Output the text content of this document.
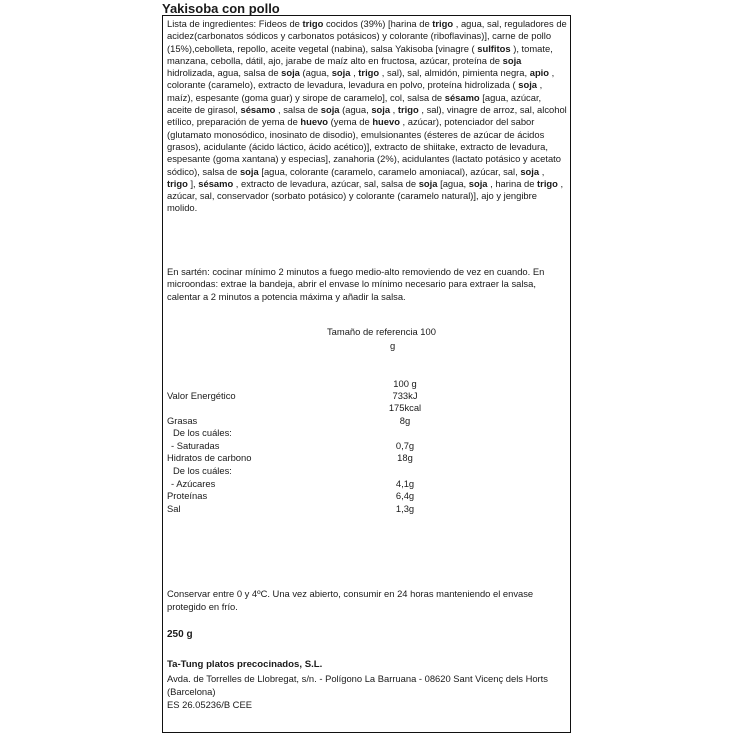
Yakisoba con pollo
Lista de ingredientes: Fideos de trigo cocidos (39%) [harina de trigo , agua, sal, reguladores de acidez(carbonatos sódicos y carbonatos potásicos) y colorante (riboflavinas)], carne de pollo (15%),cebolleta, repollo, aceite vegetal (nabina), salsa Yakisoba [vinagre ( sulfitos ), tomate, manzana, cebolla, dátil, ajo, jarabe de maíz alto en fructosa, azúcar, proteína de soja hidrolizada, agua, salsa de soja (agua, soja , trigo , sal), sal, almidón, pimienta negra, apio , colorante (caramelo), extracto de levadura, levadura en polvo, proteína hidrolizada ( soja , maíz), espesante (goma guar) y sirope de caramelo], col, salsa de sésamo [agua, azúcar, aceite de girasol, sésamo , salsa de soja (agua, soja , trigo , sal), vinagre de arroz, sal, alcohol etílico, preparación de yema de huevo (yema de huevo , azúcar), potenciador del sabor (glutamato monosódico, inosinato de disodio), emulsionantes (ésteres de azúcar de ácidos grasos), acidulante (ácido láctico, ácido acético)], extracto de shiitake, extracto de levadura, espesante (goma xantana) y especias], zanahoria (2%), acidulantes (lactato potásico y acetato sódico), salsa de soja [agua, colorante (caramelo, caramelo amoniacal), azúcar, sal, soja , trigo ], sésamo , extracto de levadura, azúcar, sal, salsa de soja [agua, soja , harina de trigo , azúcar, sal, conservador (sorbato potásico) y colorante (caramelo natural)], ajo y jengibre molido.
En sartén: cocinar mínimo 2 minutos a fuego medio-alto removiendo de vez en cuando. En microondas: extrae la bandeja, abrir el envase lo mínimo necesario para extraer la salsa, calentar a 2 minutos a potencia máxima y añadir la salsa.
Tamaño de referencia 100
g
100 g
Valor Energético	733kJ
175kcal
Grasas	8g
De los cuáles:
- Saturadas	0,7g
Hidratos de carbono	18g
De los cuáles:
- Azúcares	4,1g
Proteínas	6,4g
Sal	1,3g
Conservar entre 0 y 4ºC. Una vez abierto, consumir en 24 horas manteniendo el envase protegido en frío.
250 g
Ta-Tung platos precocinados, S.L.
Avda. de Torrelles de Llobregat, s/n. - Polígono La Barruana - 08620 Sant Vicenç dels Horts (Barcelona)
ES 26.05236/B CEE
